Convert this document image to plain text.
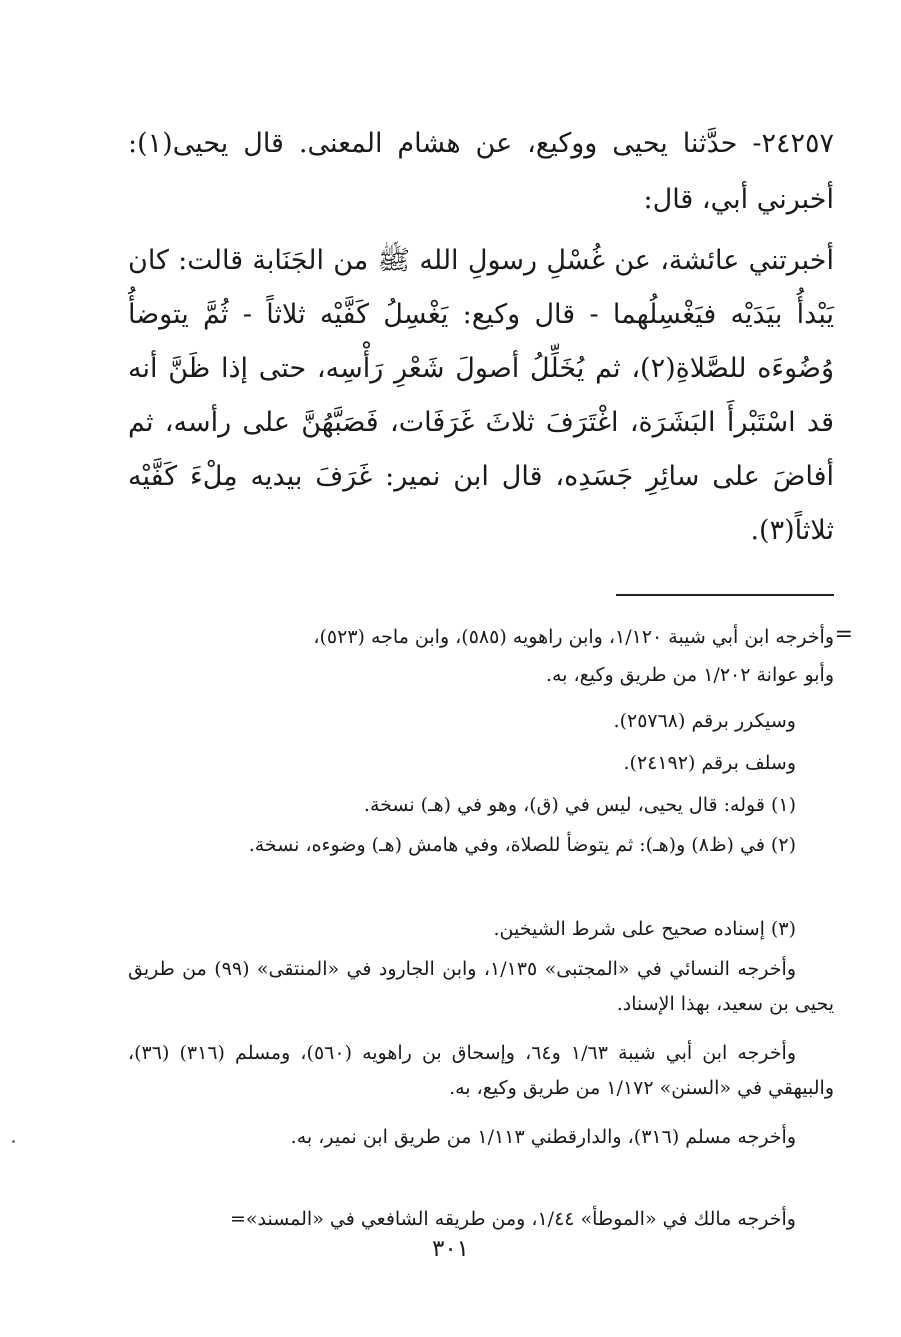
٢٤٢٥٧- حدَّثنا يحيى ووكيع، عن هشام المعنى. قال يحيى(١): أخبرني أبي، قال:
أخبرتني عائشة، عن غُسْلِ رسولِ الله ﷺ من الجَنَابة قالت: كان يَبْدأُ بيَدَيْه فيَغْسِلُهما - قال وكيع: يَغْسِلُ كَفَّيْه ثلاثاً - ثُمَّ يتوضأُ وُضُوءَه للصَّلاةِ(٢)، ثم يُخَلِّلُ أصولَ شَعْرِ رَأْسِه، حتى إذا ظَنَّ أنه قد اسْتَبْرأَ البَشَرَة، اغْتَرَفَ ثلاثَ غَرَفَات، فَصَبَّهُنَّ على رأسه، ثم أفاضَ على سائِرِ جَسَدِه، قال ابن نمير: غَرَفَ بيديه مِلْءَ كَفَّيْه ثلاثاً(٣).
=
وأخرجه ابن أبي شيبة ١/١٢٠، وابن راهويه (٥٨٥)، وابن ماجه (٥٢٣)،
وأبو عوانة ١/٢٠٢ من طريق وكيع، به.
وسيكرر برقم (٢٥٧٦٨).
وسلف برقم (٢٤١٩٢).
(١) قوله: قال يحيى، ليس في (ق)، وهو في (هـ) نسخة.
(٢) في (ظ٨) و(هـ): ثم يتوضأ للصلاة، وفي هامش (هـ) وضوءه، نسخة.
(٣) إسناده صحيح على شرط الشيخين.
وأخرجه النسائي في «المجتبى» ١/١٣٥، وابن الجارود في «المنتقى» (٩٩) من طريق يحيى بن سعيد، بهذا الإسناد.
وأخرجه ابن أبي شيبة ١/٦٣ و٦٤، وإسحاق بن راهويه (٥٦٠)، ومسلم (٣١٦) (٣٦)، والبيهقي في «السنن» ١/١٧٢ من طريق وكيع، به.
وأخرجه مسلم (٣١٦)، والدارقطني ١/١١٣ من طريق ابن نمير، به.
وأخرجه مالك في «الموطأ» ١/٤٤، ومن طريقه الشافعي في «المسند»=
٣٠١
